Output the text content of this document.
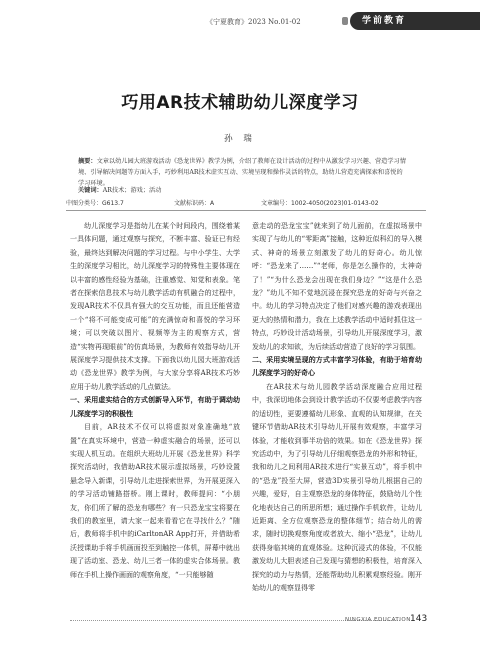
《宁夏教育》2023 No.01-02	学前教育
巧用AR技术辅助幼儿深度学习
孙 瑞
摘要：文章以幼儿园大班游戏活动《恐龙世界》教学为例，介绍了教师在设计活动的过程中从激发学习兴趣、营造学习情境、引导解决问题等方面入手，巧妙利用AR技术虚实互动、实境呈现和操作灵活的特点，助幼儿营造充满探索和喜悦的学习环境。
关键词：AR技术；游戏；活动
中图分类号：G613.7	文献标识码：A	文章编号：1002-4050(2023)01-0143-02

幼儿深度学习是指幼儿在某个时间段内，围绕着某一具体问题，通过观察与探究，不断丰富、验证已有经验，最终达到解决问题的学习过程。与中小学生、大学生的深度学习相比，幼儿深度学习的特殊性主要体现在以丰富的感性经验为基础，注重感觉、知觉和表象。笔者在探索信息技术与幼儿教学活动有机融合的过程中，发现AR技术不仅具有强大的交互功能，而且还能营造一个“将不可能变成可能”的充满惊奇和喜悦的学习环境；可以突破以图片、视频等为主的观察方式，营造“实物再现眼前”的仿真场景，为教师有效指导幼儿开展深度学习提供技术支撑。下面我以幼儿园大班游戏活动《恐龙世界》教学为例，与大家分享将AR技术巧妙应用于幼儿教学活动的几点做法。

一、采用虚实结合的方式创新导入环节，有助于调动幼儿深度学习的积极性

目前，AR技术不仅可以将虚拟对象准确地“放置”在真实环境中，营造一种虚实融合的场景，还可以实现人机互动。在组织大班幼儿开展《恐龙世界》科学探究活动时，我借助AR技术展示虚拟场景，巧妙设置悬念导入新课，引导幼儿走进探索世界，为开展更深入的学习活动铺路搭桥。刚上课时，教师提问：“小朋友，你们所了解的恐龙有哪些？有一只恐龙宝宝将要在我们的教室里，请大家一起来看看它在寻找什么？”随后，教师将手机中的iCarltonAR App打开，并借助希沃授课助手将手机画面投至到触控一体机，屏幕中就出现了活动室、恐龙、幼儿三者一体的虚实合体场景。教师在手机上操作画面的观察角度，“一只能够随

意走动的恐龙宝宝”就来到了幼儿面前，在虚拟场景中实现了与幼儿的“零距离”接触，这种近似科幻的导入模式、神奇的场景立刻激发了幼儿的好奇心。幼儿惊呼：“恐龙来了……”“老师，你是怎么操作的，太神奇了！”“为什么恐龙会出现在我们身边？”“这是什么恐龙？”幼儿不知不觉地沉浸在探究恐龙的好奇与兴奋之中。幼儿的学习特点决定了他们对感兴趣的游戏表现出更大的热情和潜力，我在上述教学活动中适时抓住这一特点，巧妙设计活动场景，引导幼儿开展深度学习，激发幼儿的求知欲，为后续活动营造了良好的学习氛围。

二、采用实境呈现的方式丰富学习体验，有助于培育幼儿深度学习的好奇心

在AR技术与幼儿园教学活动深度融合应用过程中，我深切地体会到设计教学活动不仅要考虑教学内容的适切性，更要遵循幼儿形象、直观的认知规律，在关键环节借助AR技术引导幼儿开展有效观察，丰富学习体验，才能收到事半功倍的效果。如在《恐龙世界》探究活动中，为了引导幼儿仔细观察恐龙的外形和特征，我和幼儿之间利用AR技术进行“实景互动”，将手机中的“恐龙”投至大屏，营造3D实景引导幼儿根据自己的兴趣，爱好，自主观察恐龙的身体特征，鼓励幼儿个性化地表达自己的所思所想；通过操作手机软件，让幼儿近距离、全方位观察恐龙的整体细节；结合幼儿的需求，随时切换观察角度或者放大、缩小“恐龙”，让幼儿获得身临其境的直观体验。这种沉浸式的体验，不仅能激发幼儿大胆表述自己发现与猜想的积极性，培育深入探究的动力与热情，还能帮助幼儿积累观察经验。刚开始幼儿的观察显得零

NINGXIA EDUCATION 143
